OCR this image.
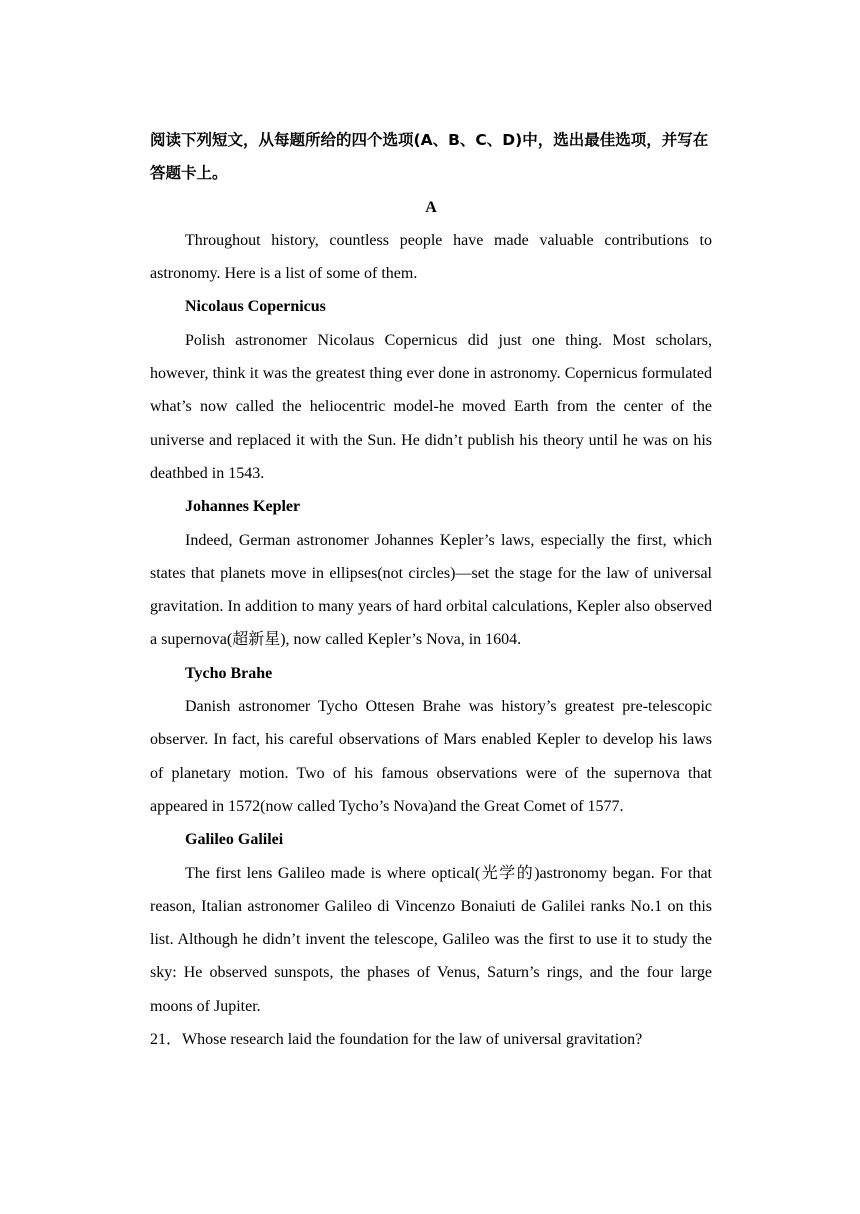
阅读下列短文，从每题所给的四个选项(A、B、C、D)中，选出最佳选项，并写在答题卡上。

A

Throughout history, countless people have made valuable contributions to astronomy. Here is a list of some of them.

Nicolaus Copernicus

Polish astronomer Nicolaus Copernicus did just one thing. Most scholars, however, think it was the greatest thing ever done in astronomy. Copernicus formulated what’s now called the heliocentric model-he moved Earth from the center of the universe and replaced it with the Sun. He didn’t publish his theory until he was on his deathbed in 1543.

Johannes Kepler

Indeed, German astronomer Johannes Kepler’s laws, especially the first, which states that planets move in ellipses(not circles)—set the stage for the law of universal gravitation. In addition to many years of hard orbital calculations, Kepler also observed a supernova(超新星), now called Kepler’s Nova, in 1604.

Tycho Brahe

Danish astronomer Tycho Ottesen Brahe was history’s greatest pre-telescopic observer. In fact, his careful observations of Mars enabled Kepler to develop his laws of planetary motion. Two of his famous observations were of the supernova that appeared in 1572(now called Tycho’s Nova)and the Great Comet of 1577.

Galileo Galilei

The first lens Galileo made is where optical(光学的)astronomy began. For that reason, Italian astronomer Galileo di Vincenzo Bonaiuti de Galilei ranks No.1 on this list. Although he didn’t invent the telescope, Galileo was the first to use it to study the sky: He observed sunspots, the phases of Venus, Saturn’s rings, and the four large moons of Jupiter.

21．Whose research laid the foundation for the law of universal gravitation?
